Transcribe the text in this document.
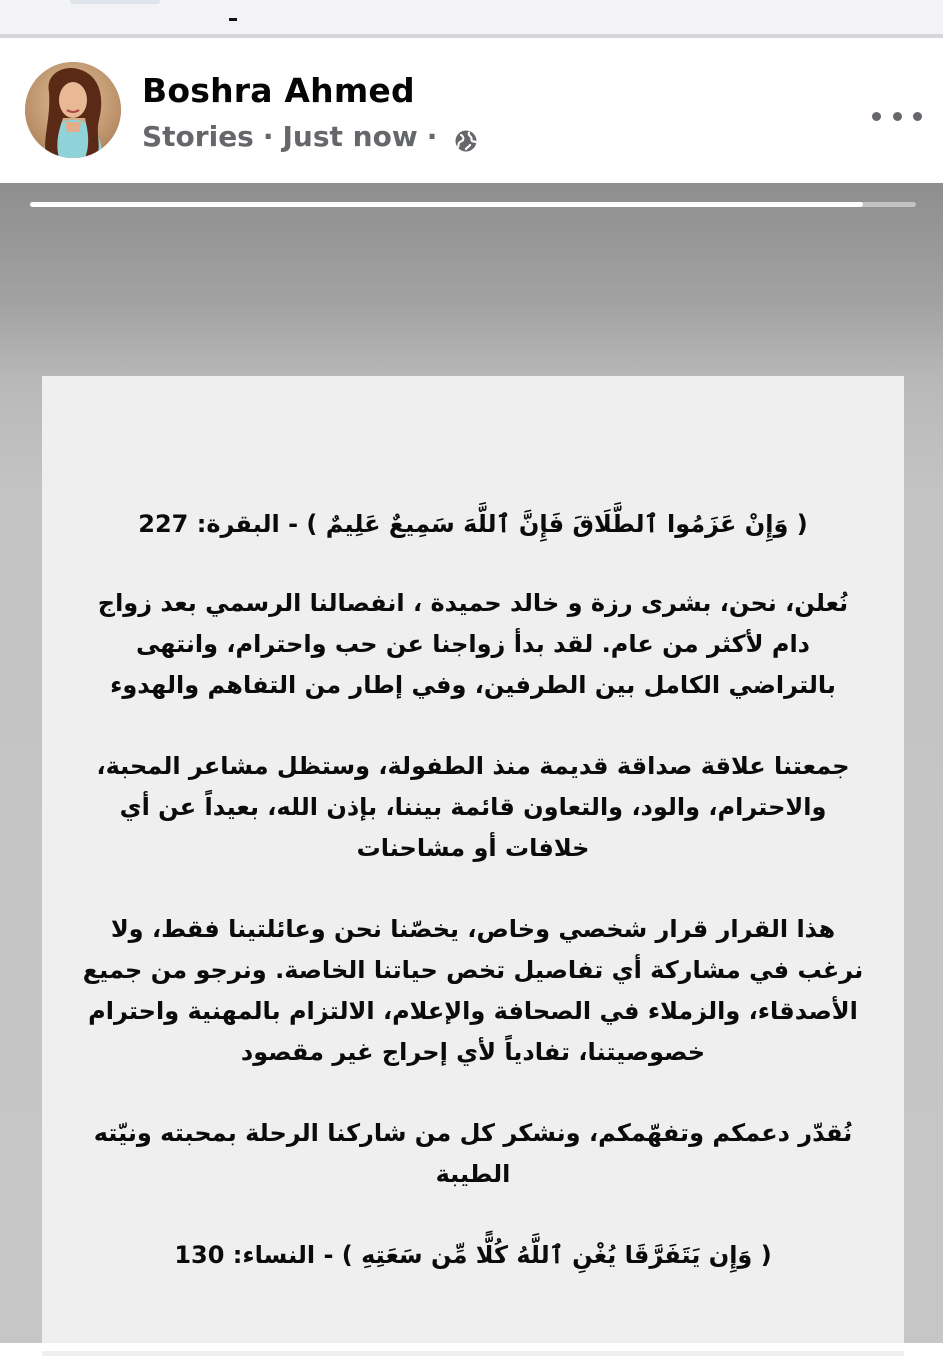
Boshra Ahmed
Stories · Just now ·

( وَإِنْ عَزَمُوا ٱلطَّلَاقَ فَإِنَّ ٱللَّهَ سَمِيعٌ عَلِيمٌ ) - البقرة: 227

نُعلن، نحن، بشرى رزة و خالد حميدة ، انفصالنا الرسمي بعد زواج دام لأكثر من عام. لقد بدأ زواجنا عن حب واحترام، وانتهى بالتراضي الكامل بين الطرفين، وفي إطار من التفاهم والهدوء

جمعتنا علاقة صداقة قديمة منذ الطفولة، وستظل مشاعر المحبة، والاحترام، والود، والتعاون قائمة بيننا، بإذن الله، بعيداً عن أي خلافات أو مشاحنات

هذا القرار قرار شخصي وخاص، يخصّنا نحن وعائلتينا فقط، ولا نرغب في مشاركة أي تفاصيل تخص حياتنا الخاصة. ونرجو من جميع الأصدقاء، والزملاء في الصحافة والإعلام، الالتزام بالمهنية واحترام خصوصيتنا، تفادياً لأي إحراج غير مقصود

نُقدّر دعمكم وتفهّمكم، ونشكر كل من شاركنا الرحلة بمحبته ونيّته الطيبة

( وَإِن يَتَفَرَّقَا يُغْنِ ٱللَّهُ كُلًّا مِّن سَعَتِهِ ) - النساء: 130
